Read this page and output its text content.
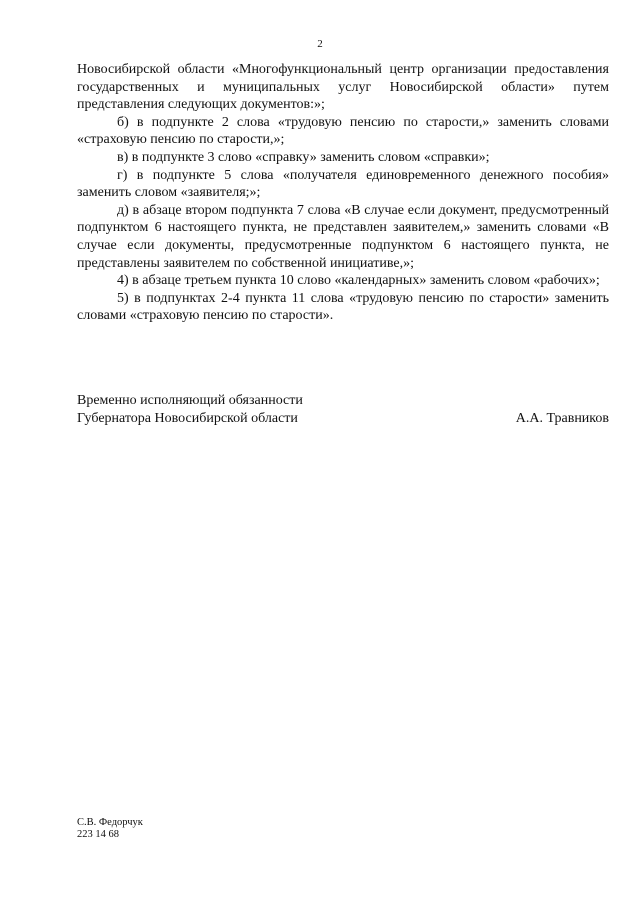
2

Новосибирской области «Многофункциональный центр организации предоставления государственных и муниципальных услуг Новосибирской области» путем представления следующих документов:»;

б) в подпункте 2 слова «трудовую пенсию по старости,» заменить словами «страховую пенсию по старости,»;

в) в подпункте 3 слово «справку» заменить словом «справки»;

г) в подпункте 5 слова «получателя единовременного денежного пособия» заменить словом «заявителя;»;

д) в абзаце втором подпункта 7 слова «В случае если документ, предусмотренный подпунктом 6 настоящего пункта, не представлен заявителем,» заменить словами «В случае если документы, предусмотренные подпунктом 6 настоящего пункта, не представлены заявителем по собственной инициативе,»;

4) в абзаце третьем пункта 10 слово «календарных» заменить словом «рабочих»;

5) в подпунктах 2-4 пункта 11 слова «трудовую пенсию по старости» заменить словами «страховую пенсию по старости».

Временно исполняющий обязанности
Губернатора Новосибирской области	А.А. Травников
С.В. Федорчук
223 14 68
